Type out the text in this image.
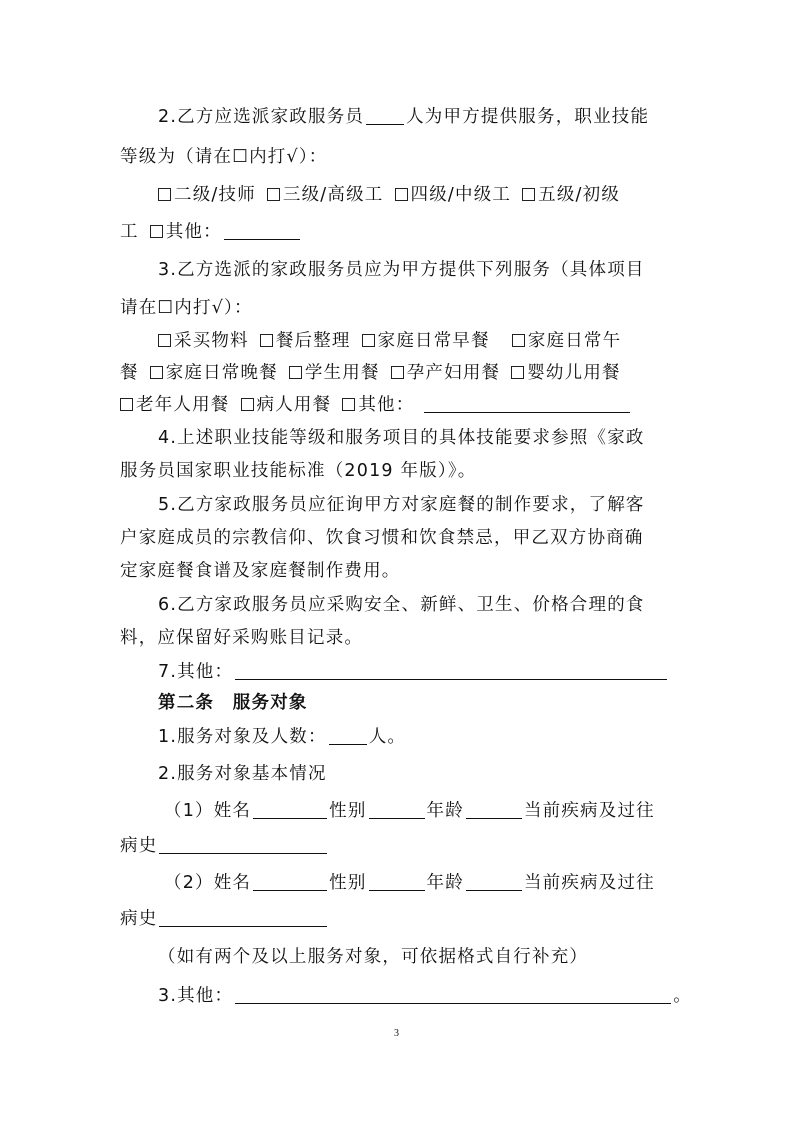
2.乙方应选派家政服务员 人为甲方提供服务，职业技能
等级为（请在☐内打√）：
二级/技师 三级/高级工 四级/中级工 五级/初级
工 其他：
3.乙方选派的家政服务员应为甲方提供下列服务（具体项目
请在☐内打√）：
采买物料 餐后整理 家庭日常早餐 家庭日常午
餐 家庭日常晚餐 学生用餐 孕产妇用餐 婴幼儿用餐
老年人用餐 病人用餐 其他：
4.上述职业技能等级和服务项目的具体技能要求参照《家政
服务员国家职业技能标准（2019 年版）》。
5.乙方家政服务员应征询甲方对家庭餐的制作要求，了解客
户家庭成员的宗教信仰、饮食习惯和饮食禁忌，甲乙双方协商确
定家庭餐食谱及家庭餐制作费用。
6.乙方家政服务员应采购安全、新鲜、卫生、价格合理的食
料，应保留好采购账目记录。
7.其他：
第二条　服务对象
1.服务对象及人数： 人。
2.服务对象基本情况
（1）姓名	性别	年龄	当前疾病及过往
病史
（2）姓名	性别	年龄	当前疾病及过往
病史
（如有两个及以上服务对象，可依据格式自行补充）
3.其他：	。
3
